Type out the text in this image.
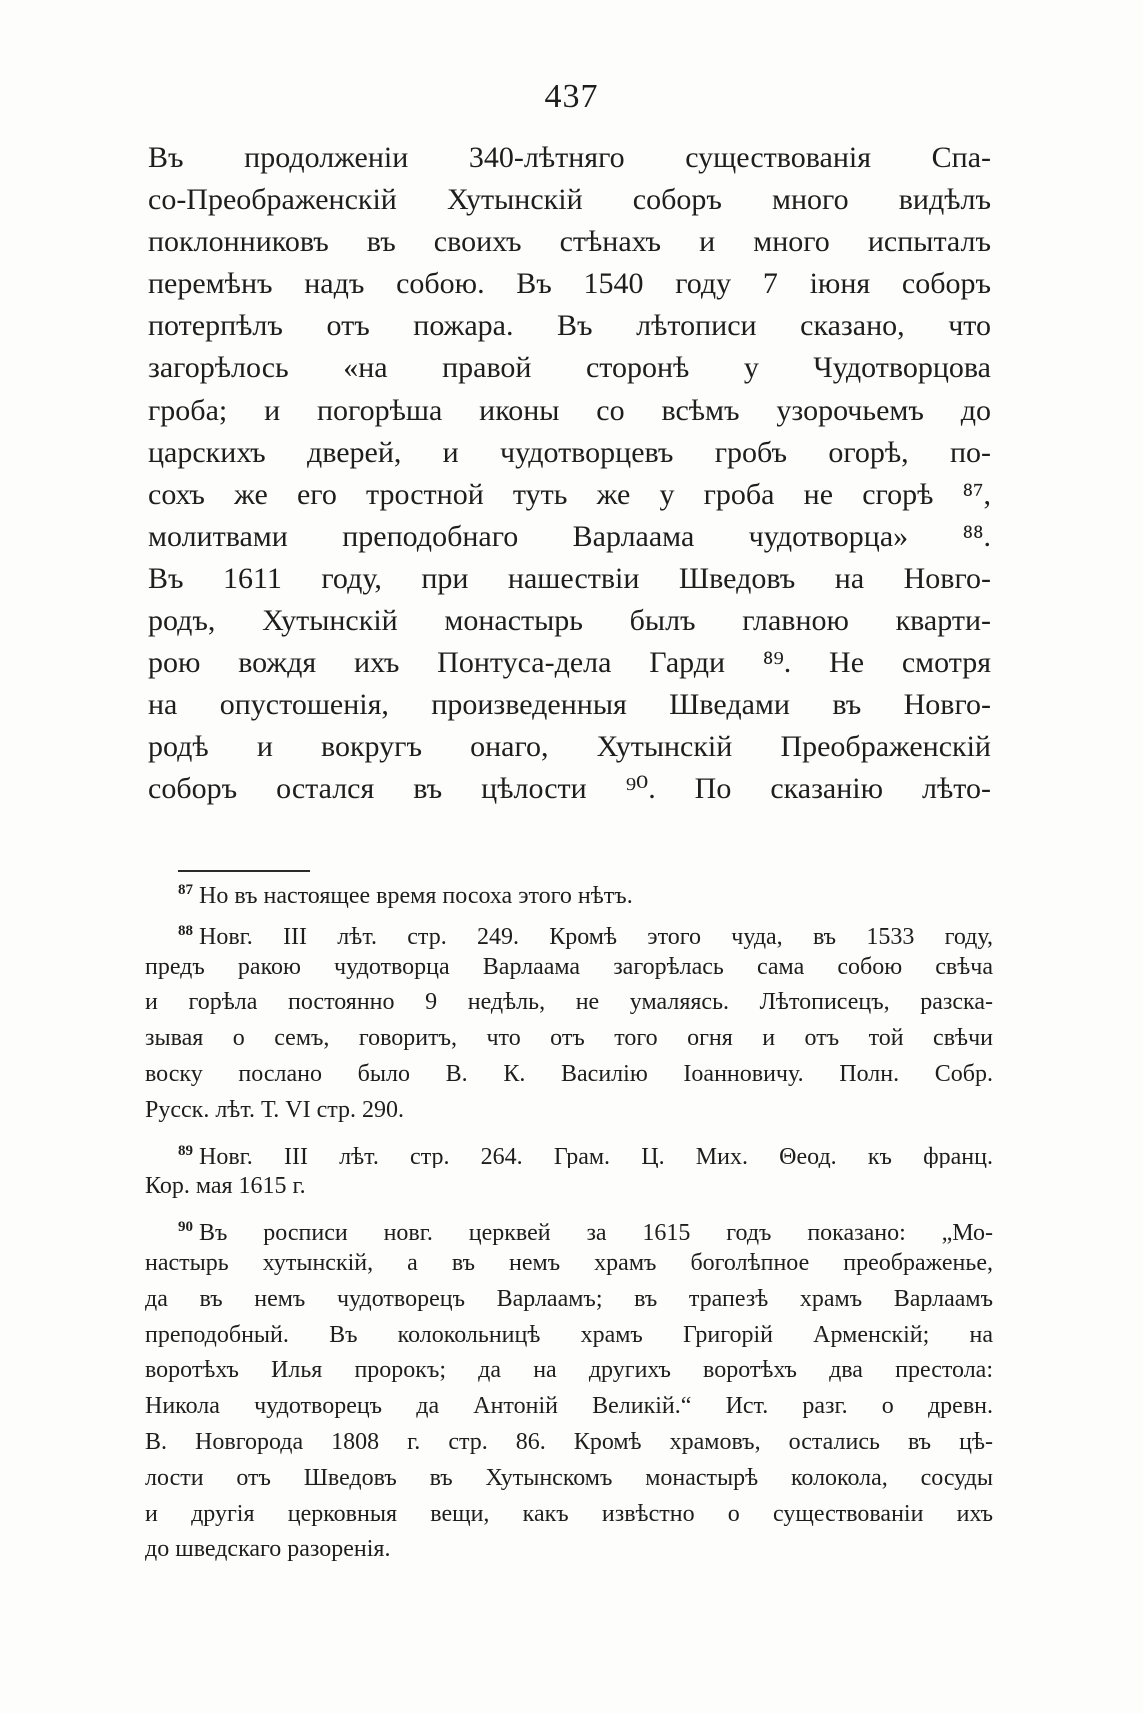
437
Въ продолженіи 340-лѣтняго существованія Спа-
со-Преображенскій Хутынскій соборъ много видѣлъ
поклонниковъ въ своихъ стѣнахъ и много испыталъ
перемѣнъ надъ собою. Въ 1540 году 7 іюня соборъ
потерпѣлъ отъ пожара. Въ лѣтописи сказано, что
загорѣлось «на правой сторонѣ у Чудотворцова
гроба; и погорѣша иконы со всѣмъ узорочьемъ до
царскихъ дверей, и чудотворцевъ гробъ огорѣ, по-
сохъ же его тростной туть же у гроба не сгорѣ ⁸⁷,
молитвами преподобнаго Варлаама чудотворца» ⁸⁸.
Въ 1611 году, при нашествіи Шведовъ на Новго-
родъ, Хутынскій монастырь былъ главною кварти-
рою вождя ихъ Понтуса-дела Гарди ⁸⁹. Не смотря
на опустошенія, произведенныя Шведами въ Новго-
родѣ и вокругъ онаго, Хутынскій Преображенскій
соборъ остался въ цѣлости ⁹⁰. По сказанію лѣто-
$^{87}$ Но въ настоящее время посоха этого нѣтъ.
$^{88}$ Новг. III лѣт. стр. 249. Кромѣ этого чуда, въ 1533 году,
предъ ракою чудотворца Варлаама загорѣлась сама собою свѣча
и горѣла постоянно 9 недѣль, не умаляясь. Лѣтописецъ, разска-
зывая о семъ, говоритъ, что отъ того огня и отъ той свѣчи
воску послано было В. К. Василію Іоанновичу. Полн. Собр.
Русск. лѣт. Т. VI стр. 290.
$^{89}$ Новг. III лѣт. стр. 264. Грам. Ц. Мих. Θеод. къ франц.
Кор. мая 1615 г.
$^{90}$ Въ росписи новг. церквей за 1615 годъ показано: „Мо-
настырь хутынскій, а въ немъ храмъ боголѣпное преображенье,
да въ немъ чудотворецъ Варлаамъ; въ трапезѣ храмъ Варлаамъ
преподобный. Въ колокольницѣ храмъ Григорій Арменскій; на
воротѣхъ Илья пророкъ; да на другихъ воротѣхъ два престола:
Никола чудотворецъ да Антоній Великій.“ Ист. разг. о древн.
В. Новгорода 1808 г. стр. 86. Кромѣ храмовъ, остались въ цѣ-
лости отъ Шведовъ въ Хутынскомъ монастырѣ колокола, сосуды
и другія церковныя вещи, какъ извѣстно о существованіи ихъ
до шведскаго разоренія.
